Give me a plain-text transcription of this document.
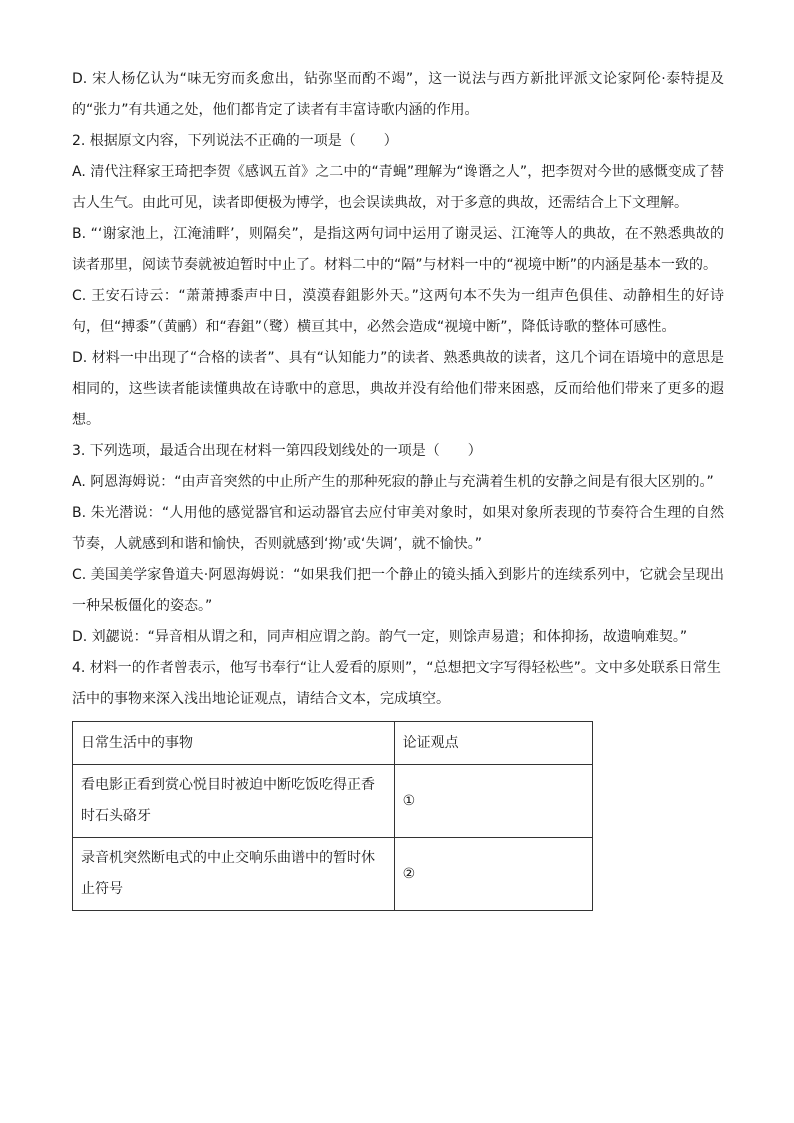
D. 宋人杨亿认为“味无穷而炙愈出，钻弥坚而酌不竭”，这一说法与西方新批评派文论家阿伦·泰特提及的“张力”有共通之处，他们都肯定了读者有丰富诗歌内涵的作用。

2. 根据原文内容，下列说法不正确的一项是（　　）

A. 清代注释家王琦把李贺《感讽五首》之二中的“青蝇”理解为“谗谮之人”，把李贺对今世的感慨变成了替古人生气。由此可见，读者即便极为博学，也会误读典故，对于多意的典故，还需结合上下文理解。

B. “‘谢家池上，江淹浦畔’，则隔矣”，是指这两句词中运用了谢灵运、江淹等人的典故，在不熟悉典故的读者那里，阅读节奏就被迫暂时中止了。材料二中的“隔”与材料一中的“视境中断”的内涵是基本一致的。

C. 王安石诗云：“萧萧搏黍声中日，漠漠舂鉏影外天。”这两句本不失为一组声色俱佳、动静相生的好诗句，但“搏黍”（黄鹂）和“舂鉏”（鹭）横亘其中，必然会造成“视境中断”，降低诗歌的整体可感性。

D. 材料一中出现了“合格的读者”、具有“认知能力”的读者、熟悉典故的读者，这几个词在语境中的意思是相同的，这些读者能读懂典故在诗歌中的意思，典故并没有给他们带来困惑，反而给他们带来了更多的遐想。

3. 下列选项，最适合出现在材料一第四段划线处的一项是（　　）

A. 阿恩海姆说：“由声音突然的中止所产生的那种死寂的静止与充满着生机的安静之间是有很大区别的。”

B. 朱光潜说：“人用他的感觉器官和运动器官去应付审美对象时，如果对象所表现的节奏符合生理的自然节奏，人就感到和谐和愉快，否则就感到‘拗’或‘失调’，就不愉快。”

C. 美国美学家鲁道夫·阿恩海姆说：“如果我们把一个静止的镜头插入到影片的连续系列中，它就会呈现出一种呆板僵化的姿态。”

D. 刘勰说：“异音相从谓之和，同声相应谓之韵。韵气一定，则馀声易遣；和体抑扬，故遗响难契。”

4. 材料一的作者曾表示，他写书奉行“让人爱看的原则”，“总想把文字写得轻松些”。文中多处联系日常生活中的事物来深入浅出地论证观点，请结合文本，完成填空。

日常生活中的事物	论证观点
看电影正看到赏心悦目时被迫中断吃饭吃得正香时石头硌牙	①
录音机突然断电式的中止交响乐曲谱中的暂时休止符号	②
